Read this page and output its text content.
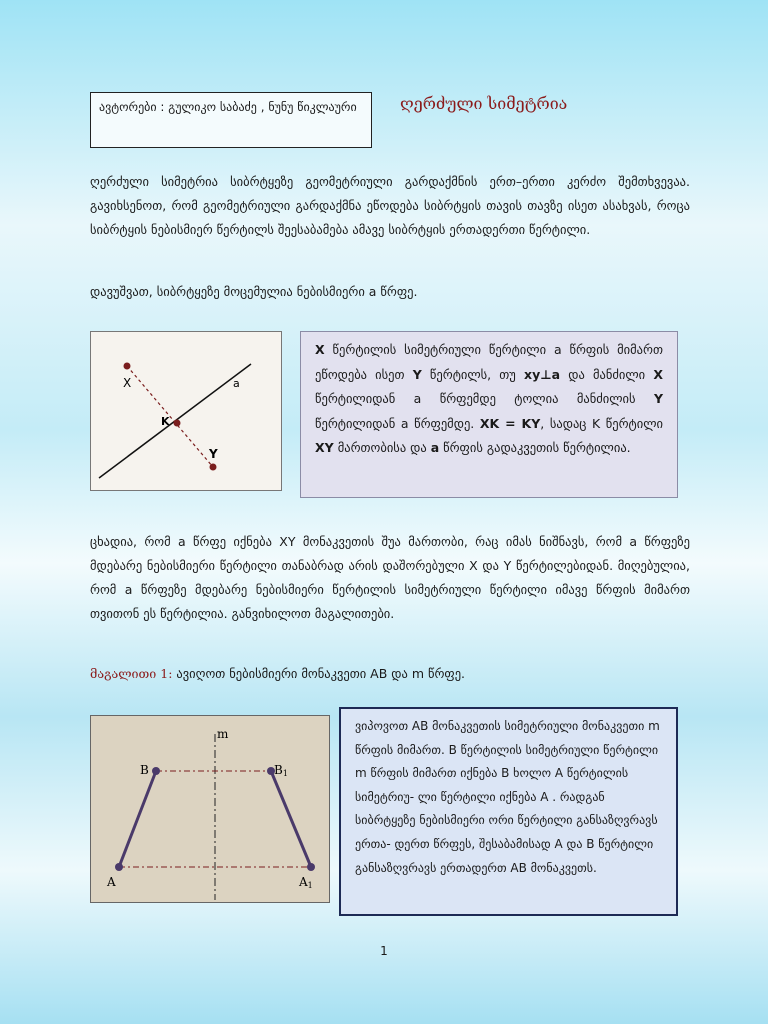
ავტორები : გულიკო საბაძე , ნუნუ წიკლაური	ღერძული სიმეტრია
ღერძული სიმეტრია სიბრტყეზე გეომეტრიული გარდაქმნის ერთ–ერთი კერძო შემთხვევაა. გავიხსენოთ, რომ გეომეტრიული გარდაქმნა ეწოდება სიბრტყის თავის თავზე ისეთ ასახვას, როცა სიბრტყის ნებისმიერ წერტილს შეესაბამება ამავე სიბრტყის ერთადერთი წერტილი.
დავუშვათ, სიბრტყეზე მოცემულია ნებისმიერი a წრფე.
X	a
K
Y
X წერტილის სიმეტრიული წერტილი a წრფის მიმართ ეწოდება ისეთ Y წერტილს, თუ xy⊥a და მანძილი X წერტილიდან a წრფემდე ტოლია მანძილის Y წერტილიდან a წრფემდე. XK = KY, სადაც K წერტილი XY მართობისა და a წრფის გადაკვეთის წერტილია.
ცხადია, რომ a წრფე იქნება XY მონაკვეთის შუა მართობი, რაც იმას ნიშნავს, რომ a წრფეზე მდებარე ნებისმიერი წერტილი თანაბრად არის დაშორებული X და Y წერტილებიდან. მიღებულია, რომ a წრფეზე მდებარე ნებისმიერი წერტილის სიმეტრიული წერტილი იმავე წრფის მიმართ თვითონ ეს წერტილია. განვიხილოთ მაგალითები.
მაგალითი 1: ავიღოთ ნებისმიერი მონაკვეთი AB და m წრფე.
m
B	B1
A	A1
ვიპოვოთ AB მონაკვეთის სიმეტრიული მონაკვეთი m წრფის მიმართ. B წერტილის სიმეტრიული წერტილი m წრფის მიმართ იქნება B ხოლო A წერტილის სიმეტრიუ- ლი წერტილი იქნება A . რადგან სიბრტყეზე ნებისმიერი ორი წერტილი განსაზღვრავს ერთა- დერთ წრფეს, შესაბამისად A და B წერტილი განსაზღვრავს ერთადერთ AB მონაკვეთს.
1
